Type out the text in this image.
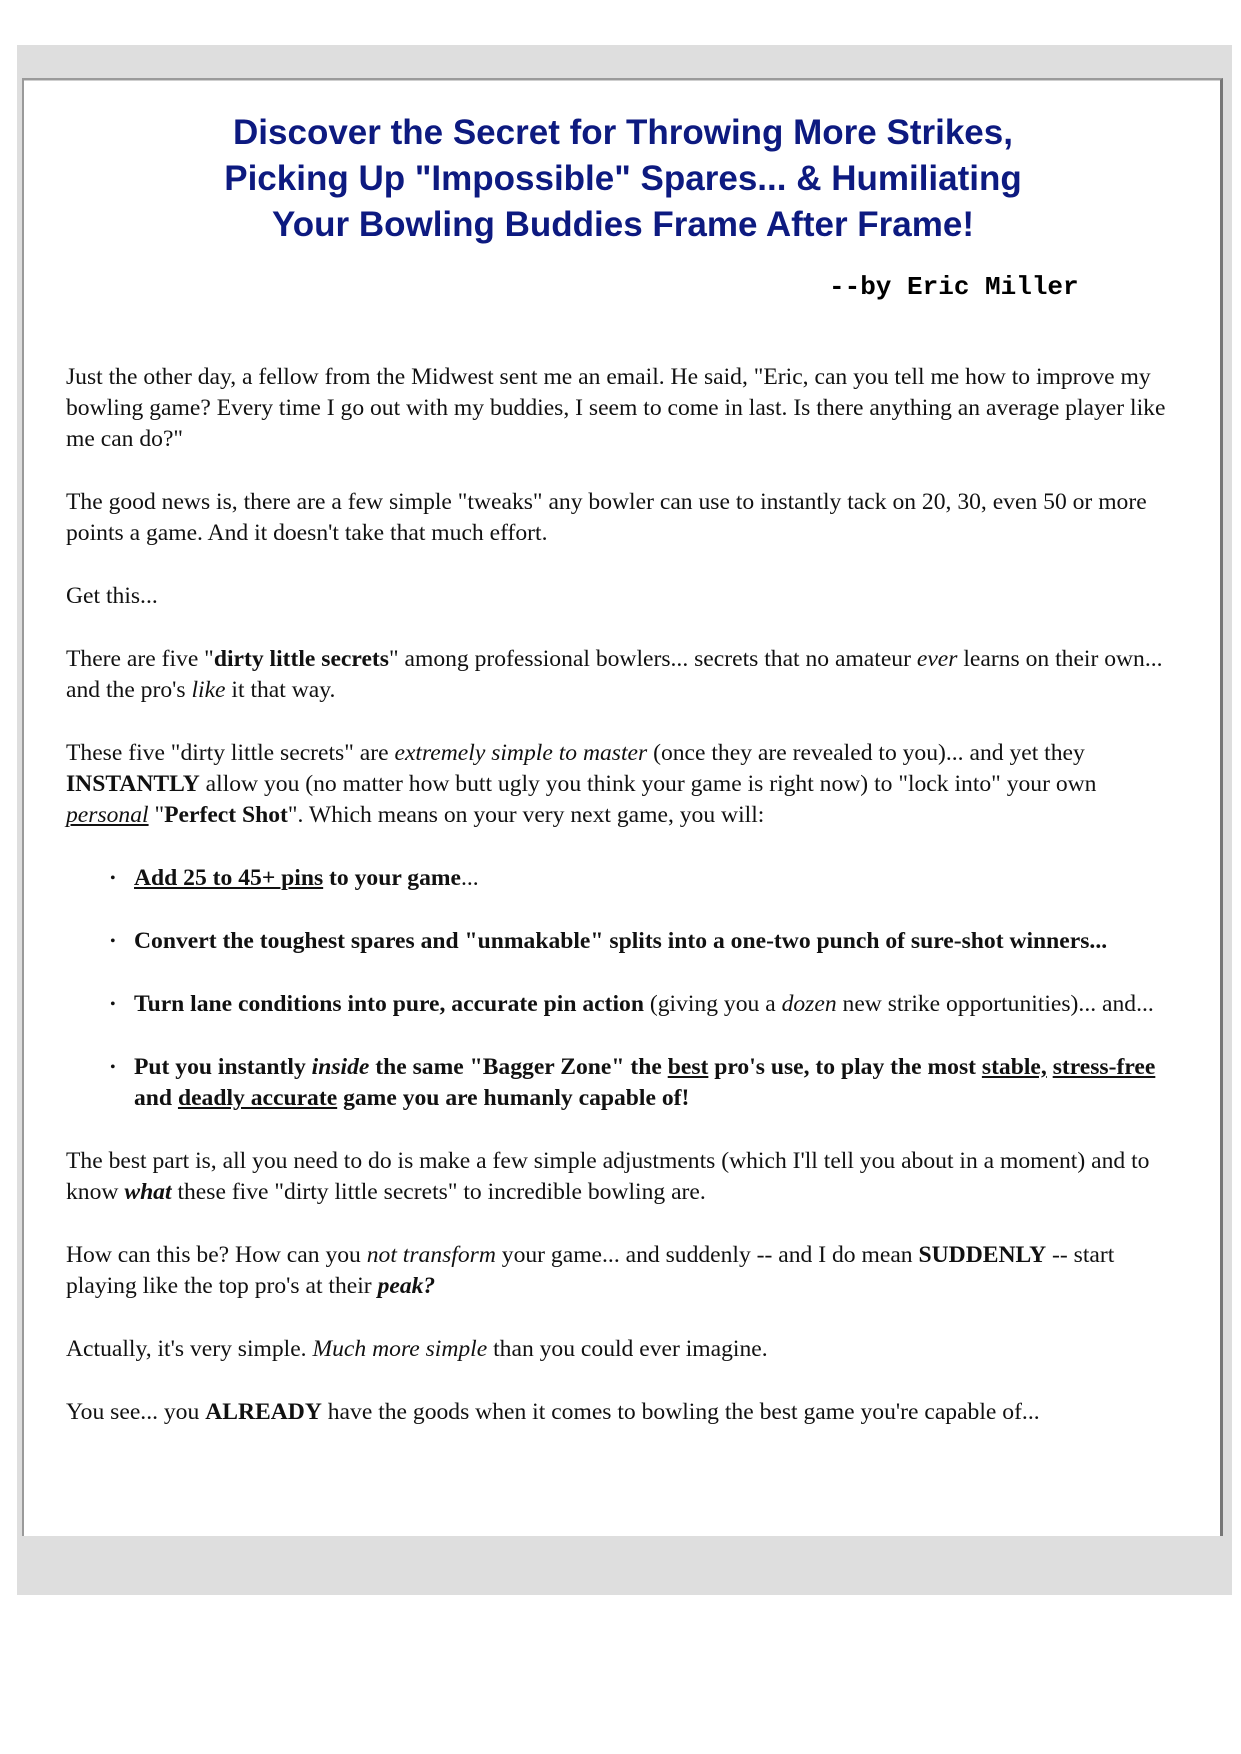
Discover the Secret for Throwing More Strikes,
Picking Up "Impossible" Spares... & Humiliating
Your Bowling Buddies Frame After Frame!
--by Eric Miller

Just the other day, a fellow from the Midwest sent me an email. He said, "Eric, can you tell me how to improve my bowling game? Every time I go out with my buddies, I seem to come in last. Is there anything an average player like me can do?"

The good news is, there are a few simple "tweaks" any bowler can use to instantly tack on 20, 30, even 50 or more points a game. And it doesn't take that much effort.

Get this...

There are five "dirty little secrets" among professional bowlers... secrets that no amateur ever learns on their own... and the pro's like it that way.

These five "dirty little secrets" are extremely simple to master (once they are revealed to you)... and yet they INSTANTLY allow you (no matter how butt ugly you think your game is right now) to "lock into" your own personal "Perfect Shot". Which means on your very next game, you will:

• Add 25 to 45+ pins to your game...
• Convert the toughest spares and "unmakable" splits into a one-two punch of sure-shot winners...
• Turn lane conditions into pure, accurate pin action (giving you a dozen new strike opportunities)... and...
• Put you instantly inside the same "Bagger Zone" the best pro's use, to play the most stable, stress-free and deadly accurate game you are humanly capable of!

The best part is, all you need to do is make a few simple adjustments (which I'll tell you about in a moment) and to know what these five "dirty little secrets" to incredible bowling are.

How can this be? How can you not transform your game... and suddenly -- and I do mean SUDDENLY -- start playing like the top pro's at their peak?

Actually, it's very simple. Much more simple than you could ever imagine.

You see... you ALREADY have the goods when it comes to bowling the best game you're capable of...
